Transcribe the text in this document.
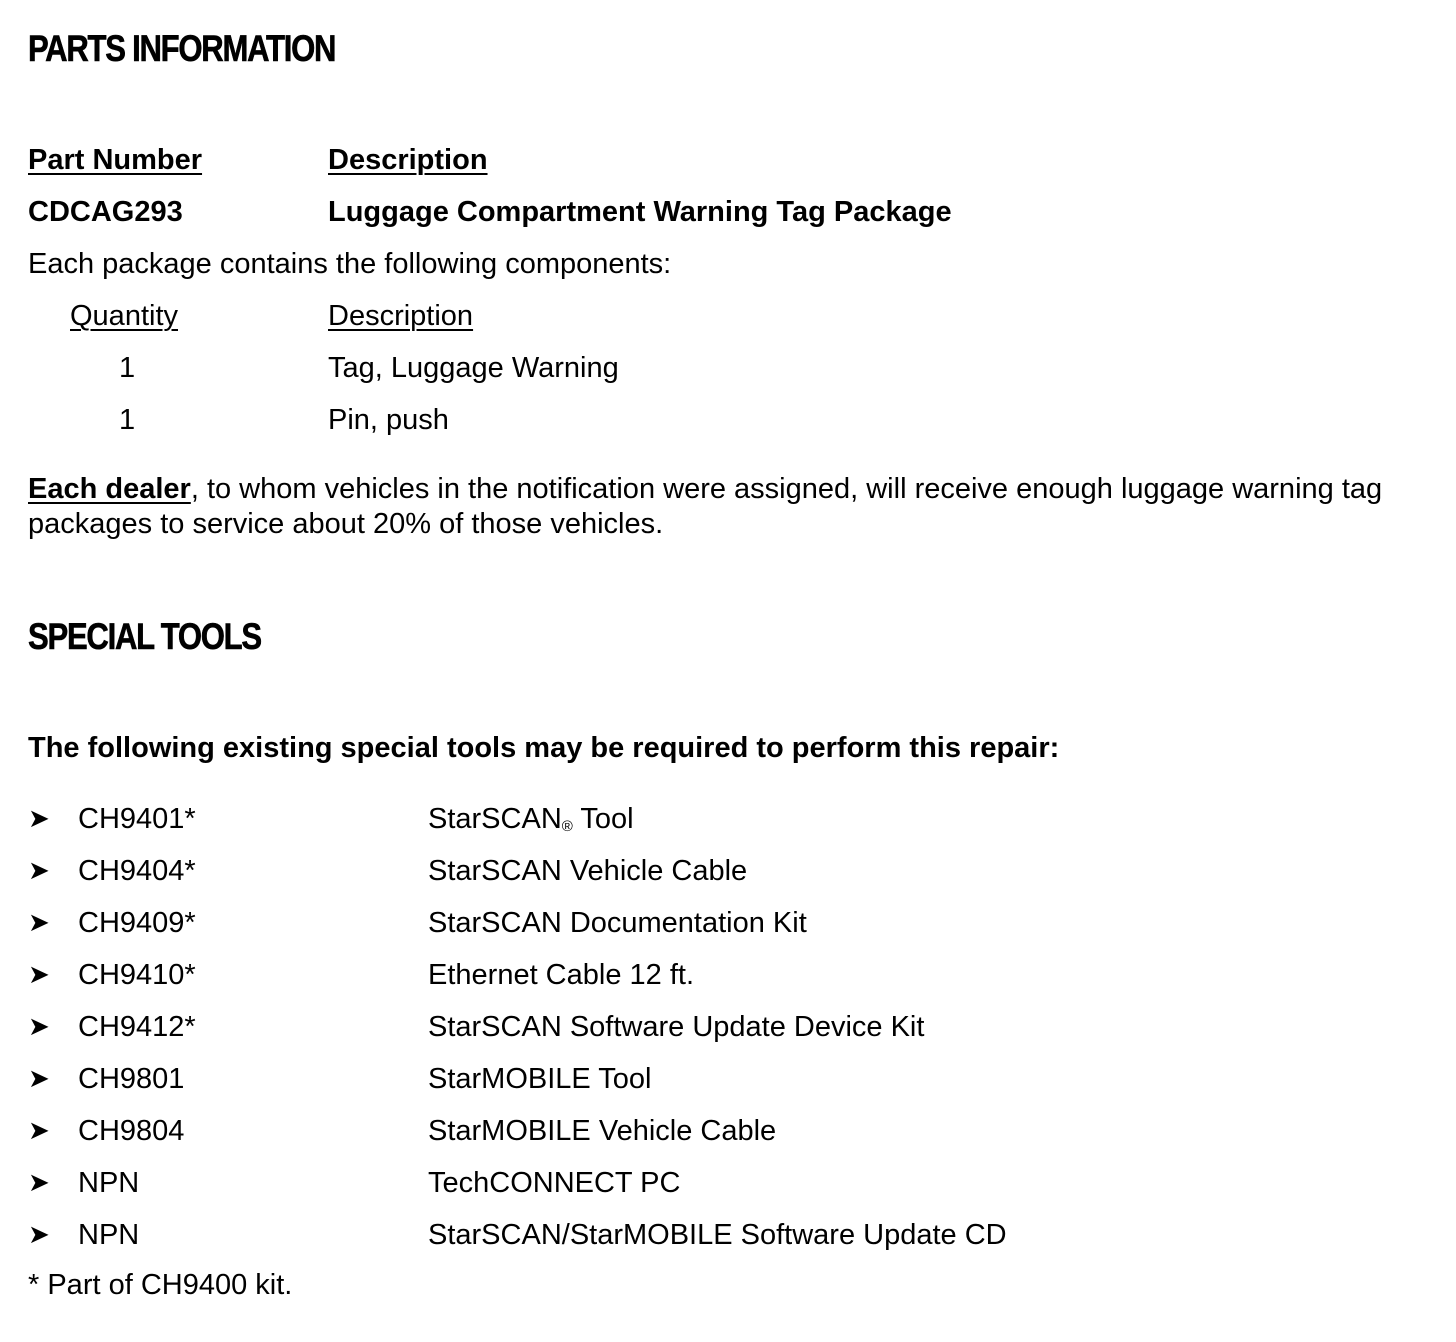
PARTS INFORMATION
Part Number	Description
CDCAG293	Luggage Compartment Warning Tag Package
Each package contains the following components:
Quantity	Description
1	Tag, Luggage Warning
1	Pin, push
Each dealer, to whom vehicles in the notification were assigned, will receive enough luggage warning tag packages to service about 20% of those vehicles.
SPECIAL TOOLS
The following existing special tools may be required to perform this repair:
➤ CH9401*	StarSCAN$_®$ Tool
➤ CH9404*	StarSCAN Vehicle Cable
➤ CH9409*	StarSCAN Documentation Kit
➤ CH9410*	Ethernet Cable 12 ft.
➤ CH9412*	StarSCAN Software Update Device Kit
➤ CH9801	StarMOBILE Tool
➤ CH9804	StarMOBILE Vehicle Cable
➤ NPN	TechCONNECT PC
➤ NPN	StarSCAN/StarMOBILE Software Update CD
* Part of CH9400 kit.
